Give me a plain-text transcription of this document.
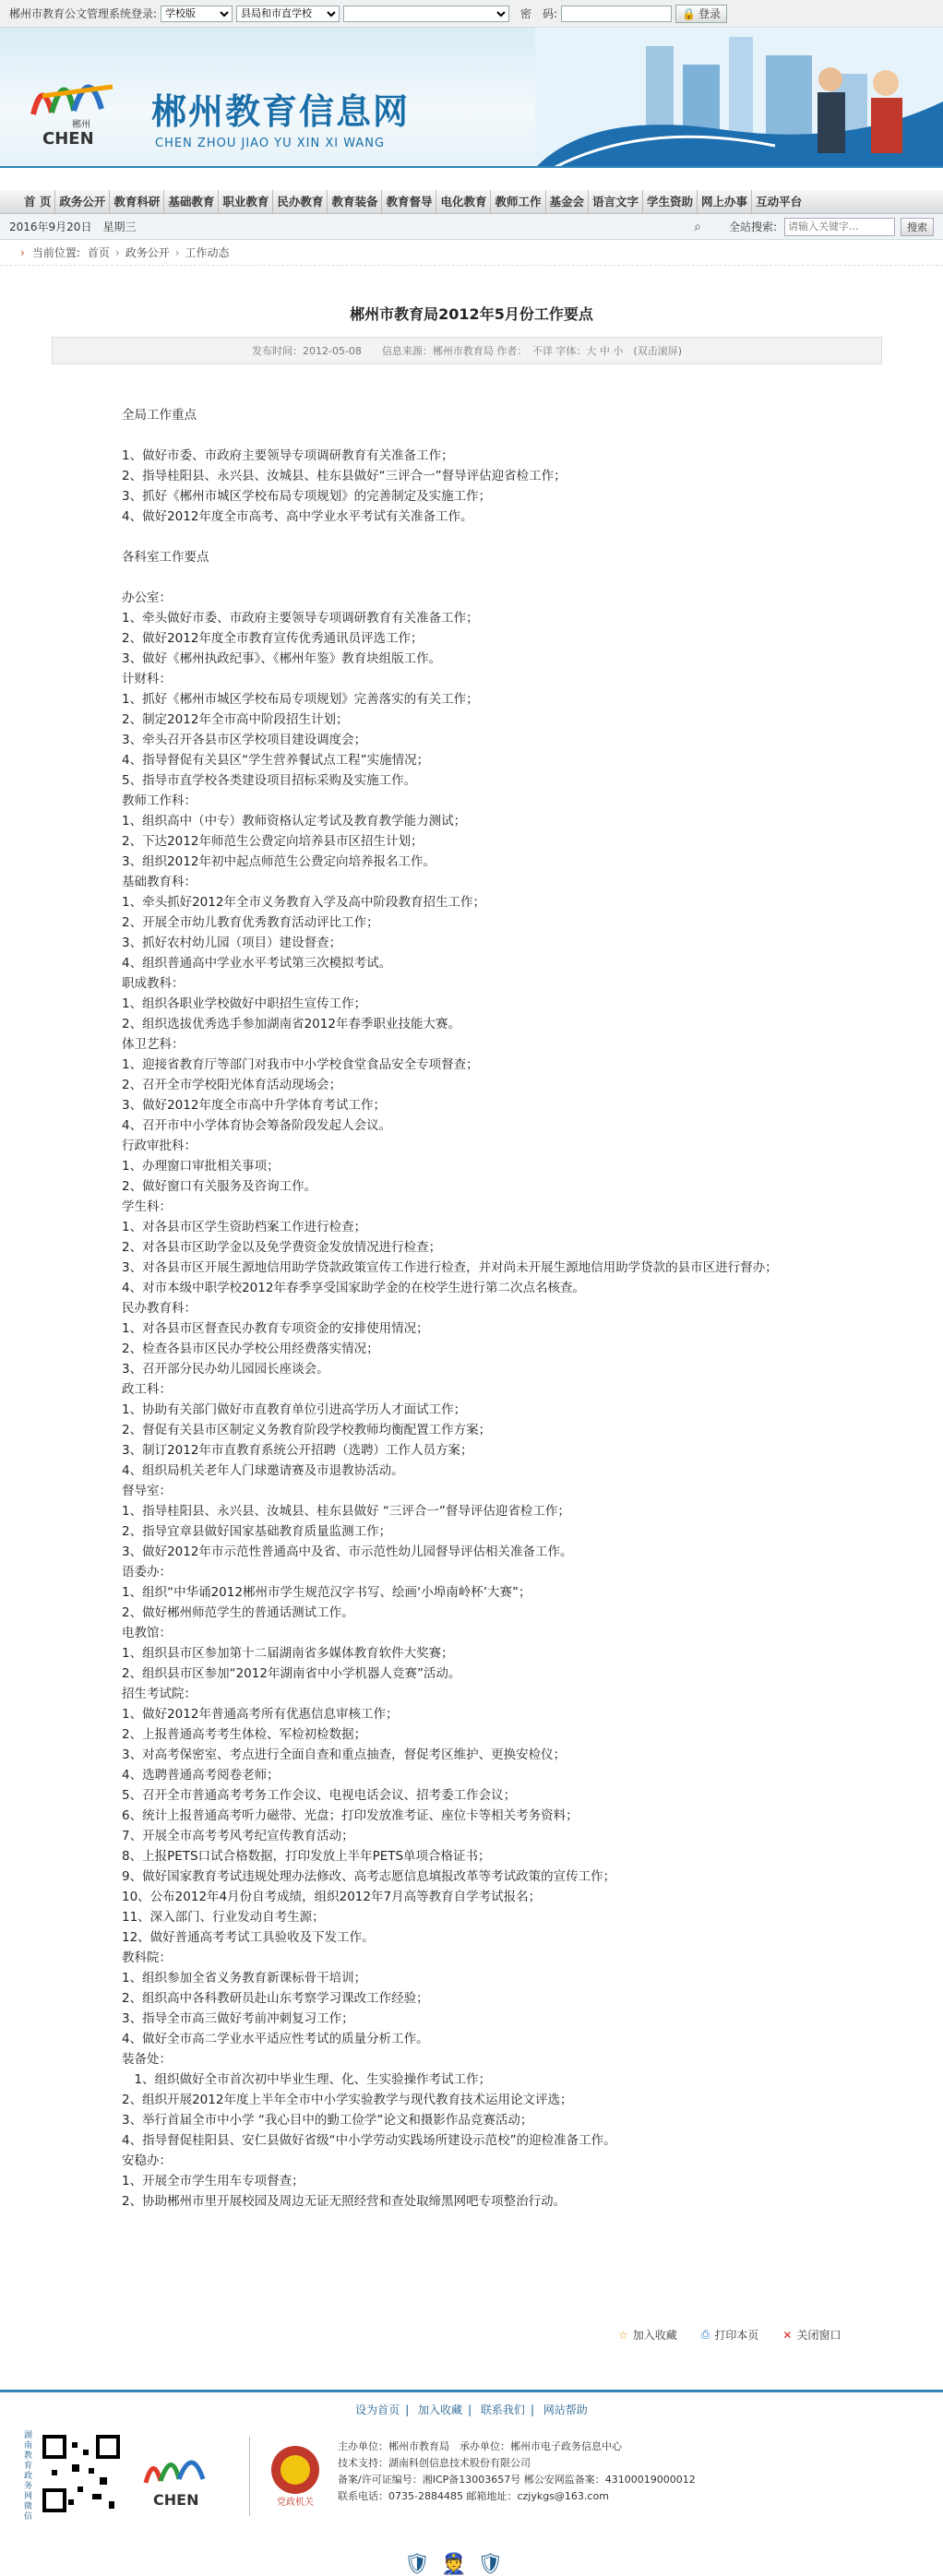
郴州市教育公文管理系统登录:
学校版
县局和市直学校	密　码:	🔒 登录
郴州
CHEN
郴州教育信息网
CHEN ZHOU JIAO YU XIN XI WANG
首 页 政务公开 教育科研 基础教育 职业教育 民办教育 教育装备 教育督导 电化教育 教师工作 基金会 语言文字 学生资助 网上办事 互动平台
2016年9月20日　星期三	⌕	全站搜索:
请输入关键字...	搜索
› 当前位置: 首页 › 政务公开 › 工作动态
郴州市教育局2012年5月份工作要点
发布时间：2012-05-08　　信息来源：郴州市教育局 作者：　不详 字体：大 中 小　(双击滚屏)
全局工作重点
1、做好市委、市政府主要领导专项调研教育有关准备工作；
2、指导桂阳县、永兴县、汝城县、桂东县做好“三评合一”督导评估迎省检工作；
3、抓好《郴州市城区学校布局专项规划》的完善制定及实施工作；
4、做好2012年度全市高考、高中学业水平考试有关准备工作。
各科室工作要点
办公室：
1、牵头做好市委、市政府主要领导专项调研教育有关准备工作；
2、做好2012年度全市教育宣传优秀通讯员评选工作；
3、做好《郴州执政纪事》、《郴州年鉴》教育块组版工作。
计财科：
1、抓好《郴州市城区学校布局专项规划》完善落实的有关工作；
2、制定2012年全市高中阶段招生计划；
3、牵头召开各县市区学校项目建设调度会；
4、指导督促有关县区“学生营养餐试点工程”实施情况；
5、指导市直学校各类建设项目招标采购及实施工作。
教师工作科：
1、组织高中（中专）教师资格认定考试及教育教学能力测试；
2、下达2012年师范生公费定向培养县市区招生计划；
3、组织2012年初中起点师范生公费定向培养报名工作。
基础教育科：
1、牵头抓好2012年全市义务教育入学及高中阶段教育招生工作；
2、开展全市幼儿教育优秀教育活动评比工作；
3、抓好农村幼儿园（项目）建设督查；
4、组织普通高中学业水平考试第三次模拟考试。
职成教科：
1、组织各职业学校做好中职招生宣传工作；
2、组织选拔优秀选手参加湖南省2012年春季职业技能大赛。
体卫艺科：
1、迎接省教育厅等部门对我市中小学校食堂食品安全专项督查；
2、召开全市学校阳光体育活动现场会；
3、做好2012年度全市高中升学体育考试工作；
4、召开市中小学体育协会筹备阶段发起人会议。
行政审批科：
1、办理窗口审批相关事项；
2、做好窗口有关服务及咨询工作。
学生科：
1、对各县市区学生资助档案工作进行检查；
2、对各县市区助学金以及免学费资金发放情况进行检查；
3、对各县市区开展生源地信用助学贷款政策宣传工作进行检查，并对尚未开展生源地信用助学贷款的县市区进行督办；
4、对市本级中职学校2012年春季享受国家助学金的在校学生进行第二次点名核查。
民办教育科：
1、对各县市区督查民办教育专项资金的安排使用情况；
2、检查各县市区民办学校公用经费落实情况；
3、召开部分民办幼儿园园长座谈会。
政工科：
1、协助有关部门做好市直教育单位引进高学历人才面试工作；
2、督促有关县市区制定义务教育阶段学校教师均衡配置工作方案；
3、制订2012年市直教育系统公开招聘（选聘）工作人员方案；
4、组织局机关老年人门球邀请赛及市退教协活动。
督导室：
1、指导桂阳县、永兴县、汝城县、桂东县做好 “三评合一”督导评估迎省检工作；
2、指导宜章县做好国家基础教育质量监测工作；
3、做好2012年市示范性普通高中及省、市示范性幼儿园督导评估相关准备工作。
语委办：
1、组织“中华诵2012郴州市学生规范汉字书写、绘画‘小埠南岭杯’大赛”；
2、做好郴州师范学生的普通话测试工作。
电教馆：
1、组织县市区参加第十二届湖南省多媒体教育软件大奖赛；
2、组织县市区参加“2012年湖南省中小学机器人竞赛”活动。
招生考试院：
1、做好2012年普通高考所有优惠信息审核工作；
2、上报普通高考考生体检、军检初检数据；
3、对高考保密室、考点进行全面自查和重点抽查，督促考区维护、更换安检仪；
4、选聘普通高考阅卷老师；
5、召开全市普通高考考务工作会议、电视电话会议、招考委工作会议；
6、统计上报普通高考听力磁带、光盘；打印发放准考证、座位卡等相关考务资料；
7、开展全市高考考风考纪宣传教育活动；
8、上报PETS口试合格数据，打印发放上半年PETS单项合格证书；
9、做好国家教育考试违规处理办法修改、高考志愿信息填报改革等考试政策的宣传工作；
10、公布2012年4月份自考成绩，组织2012年7月高等教育自学考试报名；
11、深入部门、行业发动自考生源；
12、做好普通高考考试工具验收及下发工作。
教科院：
1、组织参加全省义务教育新课标骨干培训；
2、组织高中各科教研员赴山东考察学习课改工作经验；
3、指导全市高三做好考前冲刺复习工作；
4、做好全市高二学业水平适应性考试的质量分析工作。
装备处：
　1、组织做好全市首次初中毕业生理、化、生实验操作考试工作；
2、组织开展2012年度上半年全市中小学实验教学与现代教育技术运用论文评选；
3、举行首届全市中小学 “我心目中的勤工俭学”论文和摄影作品竞赛活动；
4、指导督促桂阳县、安仁县做好省级“中小学劳动实践场所建设示范校”的迎检准备工作。
安稳办：
1、开展全市学生用车专项督查；
2、协助郴州市里开展校园及周边无证无照经营和查处取缔黑网吧专项整治行动。
☆ 加入收藏 ⎙ 打印本页 ✕ 关闭窗口
设为首页 | 加入收藏 | 联系我们 | 网站帮助
湖南教育政务网微信
CHEN	党政机关
主办单位：郴州市教育局　承办单位：郴州市电子政务信息中心
技术支持：湖南科创信息技术股份有限公司
备案/许可证编号：湘ICP备13003657号 郴公安网监备案：43100019000012
联系电话：0735-2884485 邮箱地址：czjykgs@163.com
🛡 👮 🛡
